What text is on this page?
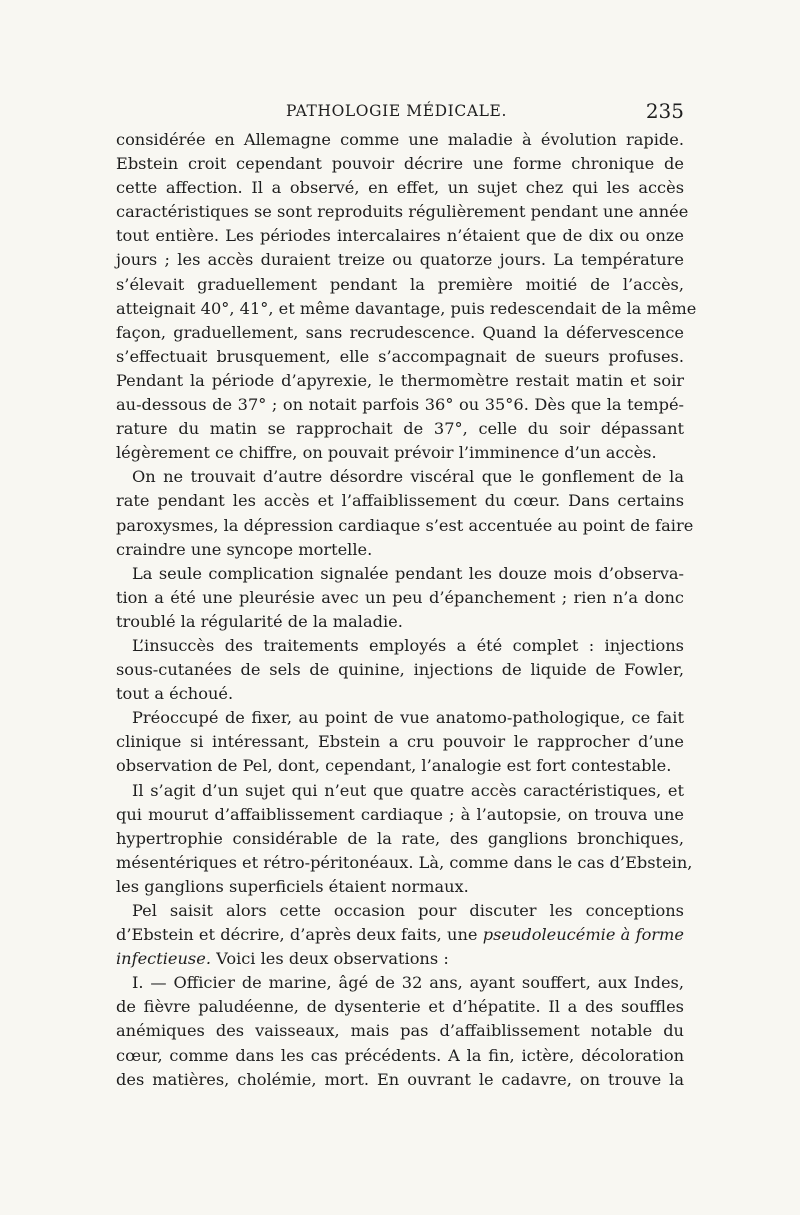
PATHOLOGIE MÉDICALE.	235
considérée en Allemagne comme une maladie à évolution rapide.
Ebstein croit cependant pouvoir décrire une forme chronique de
cette affection. Il a observé, en effet, un sujet chez qui les accès
caractéristiques se sont reproduits régulièrement pendant une année
tout entière. Les périodes intercalaires n’étaient que de dix ou onze
jours ; les accès duraient treize ou quatorze jours. La température
s’élevait graduellement pendant la première moitié de l’accès,
atteignait 40°, 41°, et même davantage, puis redescendait de la même
façon, graduellement, sans recrudescence. Quand la défervescence
s’effectuait brusquement, elle s’accompagnait de sueurs profuses.
Pendant la période d’apyrexie, le thermomètre restait matin et soir
au-dessous de 37° ; on notait parfois 36° ou 35°6. Dès que la tempé-
rature du matin se rapprochait de 37°, celle du soir dépassant
légèrement ce chiffre, on pouvait prévoir l’imminence d’un accès.
On ne trouvait d’autre désordre viscéral que le gonflement de la
rate pendant les accès et l’affaiblissement du cœur. Dans certains
paroxysmes, la dépression cardiaque s’est accentuée au point de faire
craindre une syncope mortelle.
La seule complication signalée pendant les douze mois d’observa-
tion a été une pleurésie avec un peu d’épanchement ; rien n’a donc
troublé la régularité de la maladie.
L’insuccès des traitements employés a été complet : injections
sous-cutanées de sels de quinine, injections de liquide de Fowler,
tout a échoué.
Préoccupé de fixer, au point de vue anatomo-pathologique, ce fait
clinique si intéressant, Ebstein a cru pouvoir le rapprocher d’une
observation de Pel, dont, cependant, l’analogie est fort contestable.
Il s’agit d’un sujet qui n’eut que quatre accès caractéristiques, et
qui mourut d’affaiblissement cardiaque ; à l’autopsie, on trouva une
hypertrophie considérable de la rate, des ganglions bronchiques,
mésentériques et rétro-péritonéaux. Là, comme dans le cas d’Ebstein,
les ganglions superficiels étaient normaux.
Pel saisit alors cette occasion pour discuter les conceptions
d’Ebstein et décrire, d’après deux faits, une pseudoleucémie à forme
infectieuse. Voici les deux observations :
I. — Officier de marine, âgé de 32 ans, ayant souffert, aux Indes,
de fièvre paludéenne, de dysenterie et d’hépatite. Il a des souffles
anémiques des vaisseaux, mais pas d’affaiblissement notable du
cœur, comme dans les cas précédents. A la fin, ictère, décoloration
des matières, cholémie, mort. En ouvrant le cadavre, on trouve la
